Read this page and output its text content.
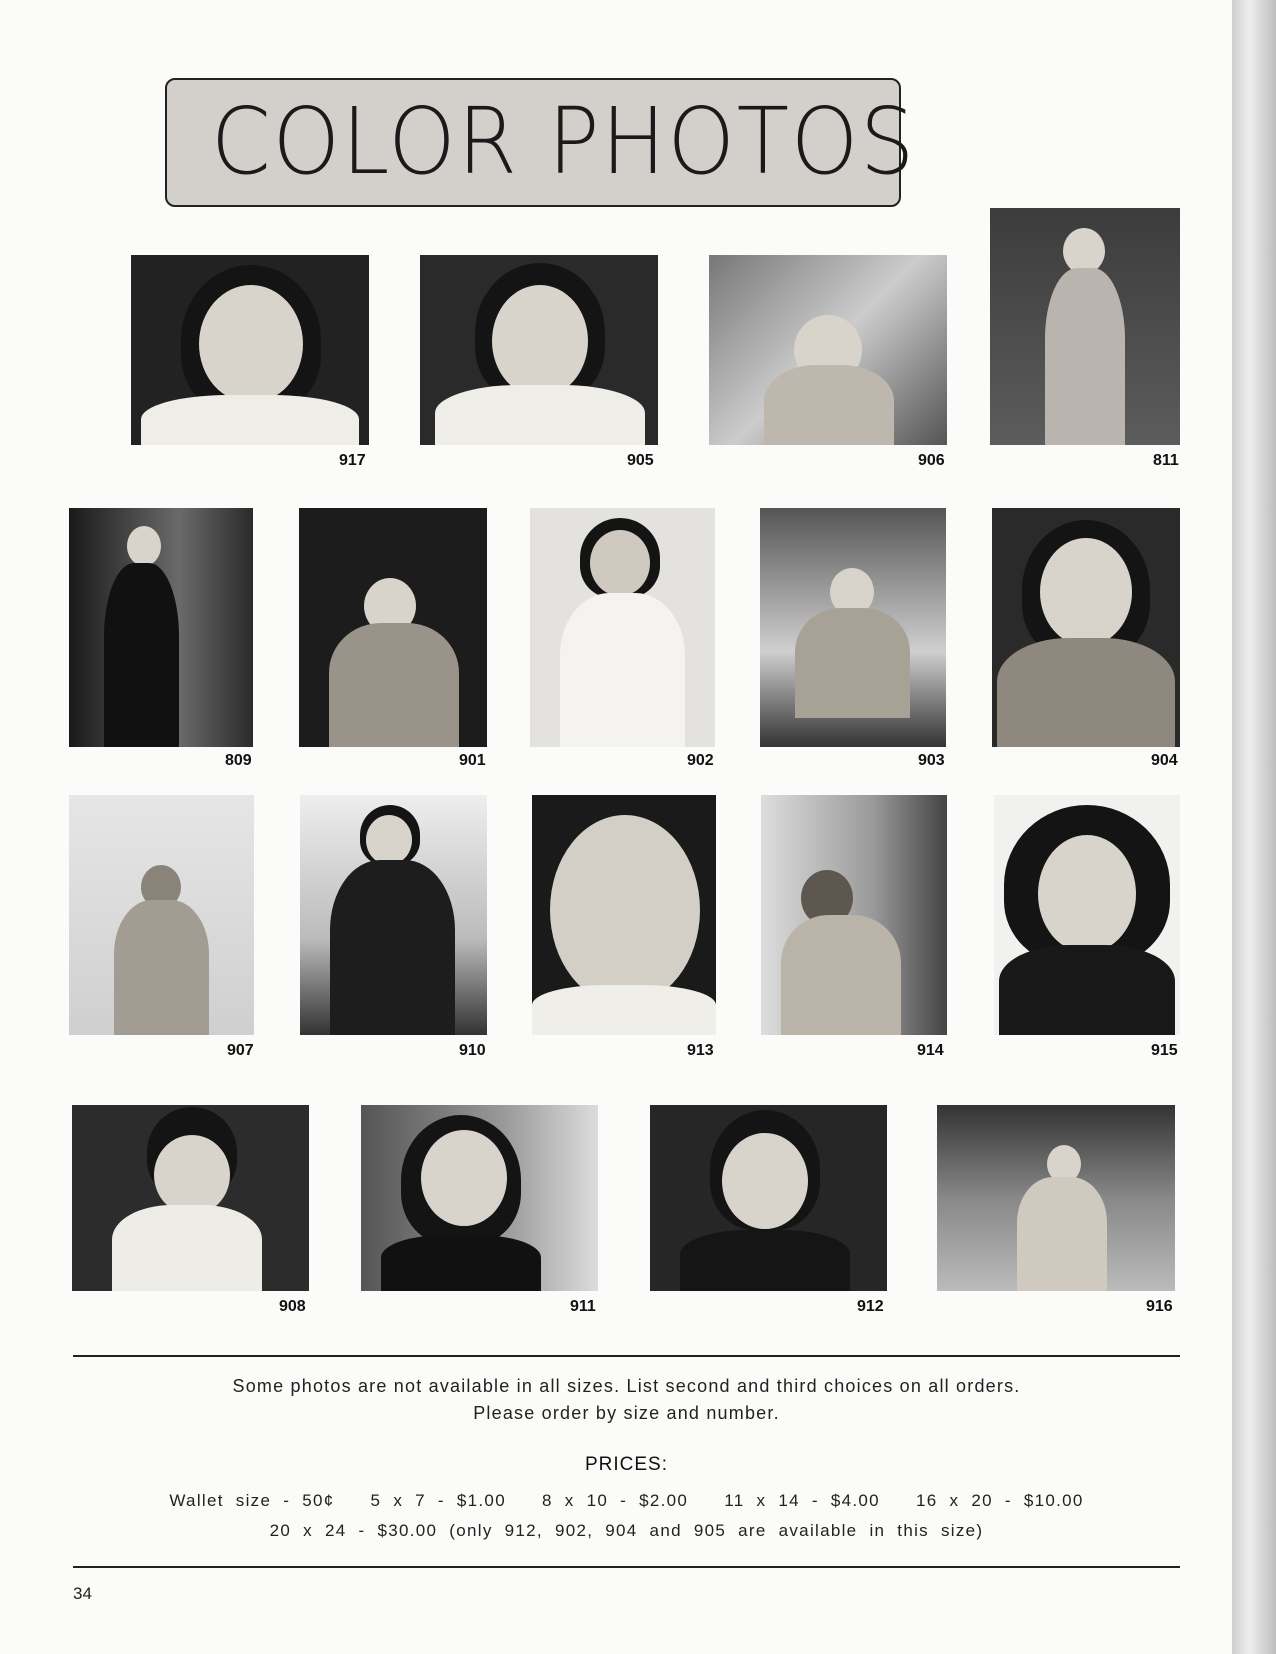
COLOR PHOTOS
917	905	906	811
809	901	902	903	904
907	910	913	914	915
908	911	912	916
Some photos are not available in all sizes. List second and third choices on all orders.
Please order by size and number.
PRICES:
Wallet size - 50¢   5 x 7 - $1.00   8 x 10 - $2.00   11 x 14 - $4.00   16 x 20 - $10.00
20 x 24 - $30.00 (only 912, 902, 904 and 905 are available in this size)
34
